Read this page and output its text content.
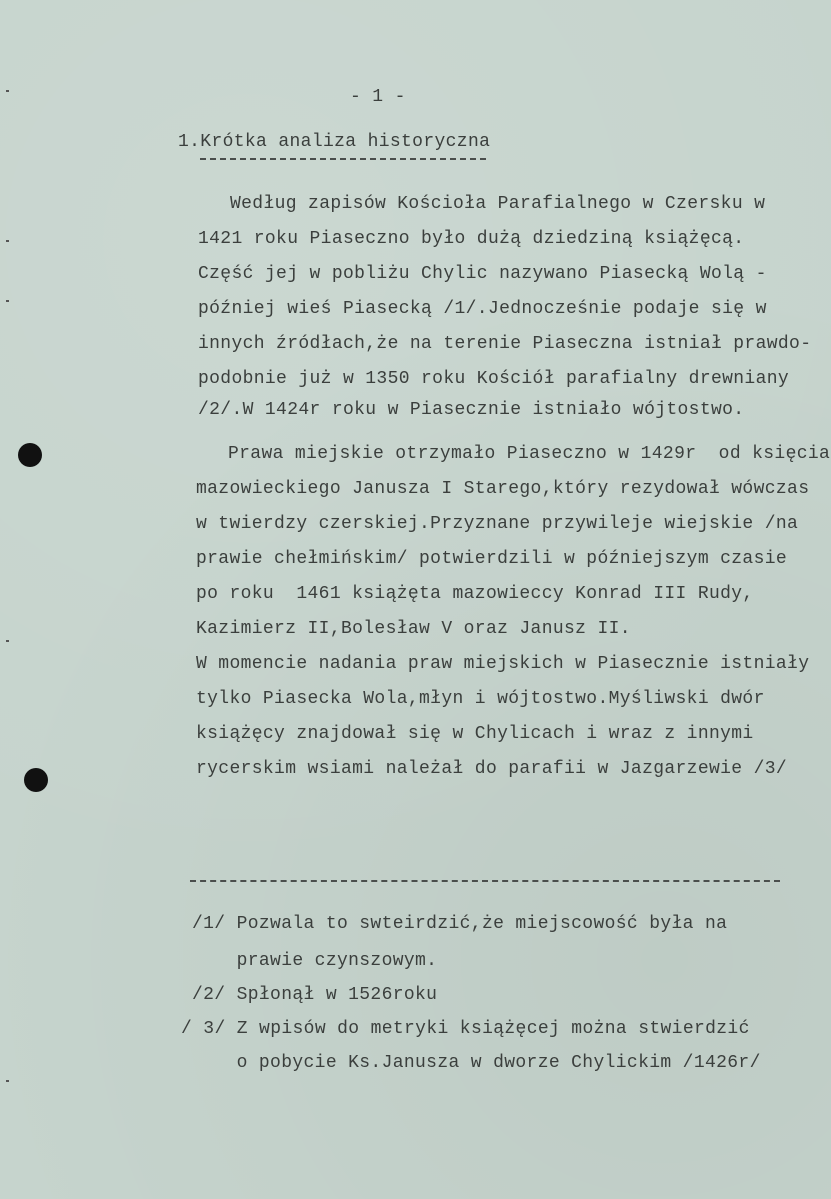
- 1 -
1.Krótka analiza historyczna
Według zapisów Kościoła Parafialnego w Czersku w
1421 roku Piaseczno było dużą dziedziną książęcą.
Część jej w pobliżu Chylic nazywano Piasecką Wolą -
później wieś Piasecką /1/.Jednocześnie podaje się w
innych źródłach,że na terenie Piaseczna istniał prawdo-
podobnie już w 1350 roku Kościół parafialny drewniany
/2/.W 1424r roku w Piasecznie istniało wójtostwo.
Prawa miejskie otrzymało Piaseczno w 1429r  od księcia
mazowieckiego Janusza I Starego,który rezydował wówczas
w twierdzy czerskiej.Przyznane przywileje wiejskie /na
prawie chełmińskim/ potwierdzili w późniejszym czasie
po roku  1461 książęta mazowieccy Konrad III Rudy,
Kazimierz II,Bolesław V oraz Janusz II.
W momencie nadania praw miejskich w Piasecznie istniały
tylko Piasecka Wola,młyn i wójtostwo.Myśliwski dwór
książęcy znajdował się w Chylicach i wraz z innymi
rycerskim wsiami należał do parafii w Jazgarzewie /3/
/1/ Pozwala to swteirdzić,że miejscowość była na
prawie czynszowym.
/2/ Spłonął w 1526roku
/ 3/ Z wpisów do metryki książęcej można stwierdzić
o pobycie Ks.Janusza w dworze Chylickim /1426r/
